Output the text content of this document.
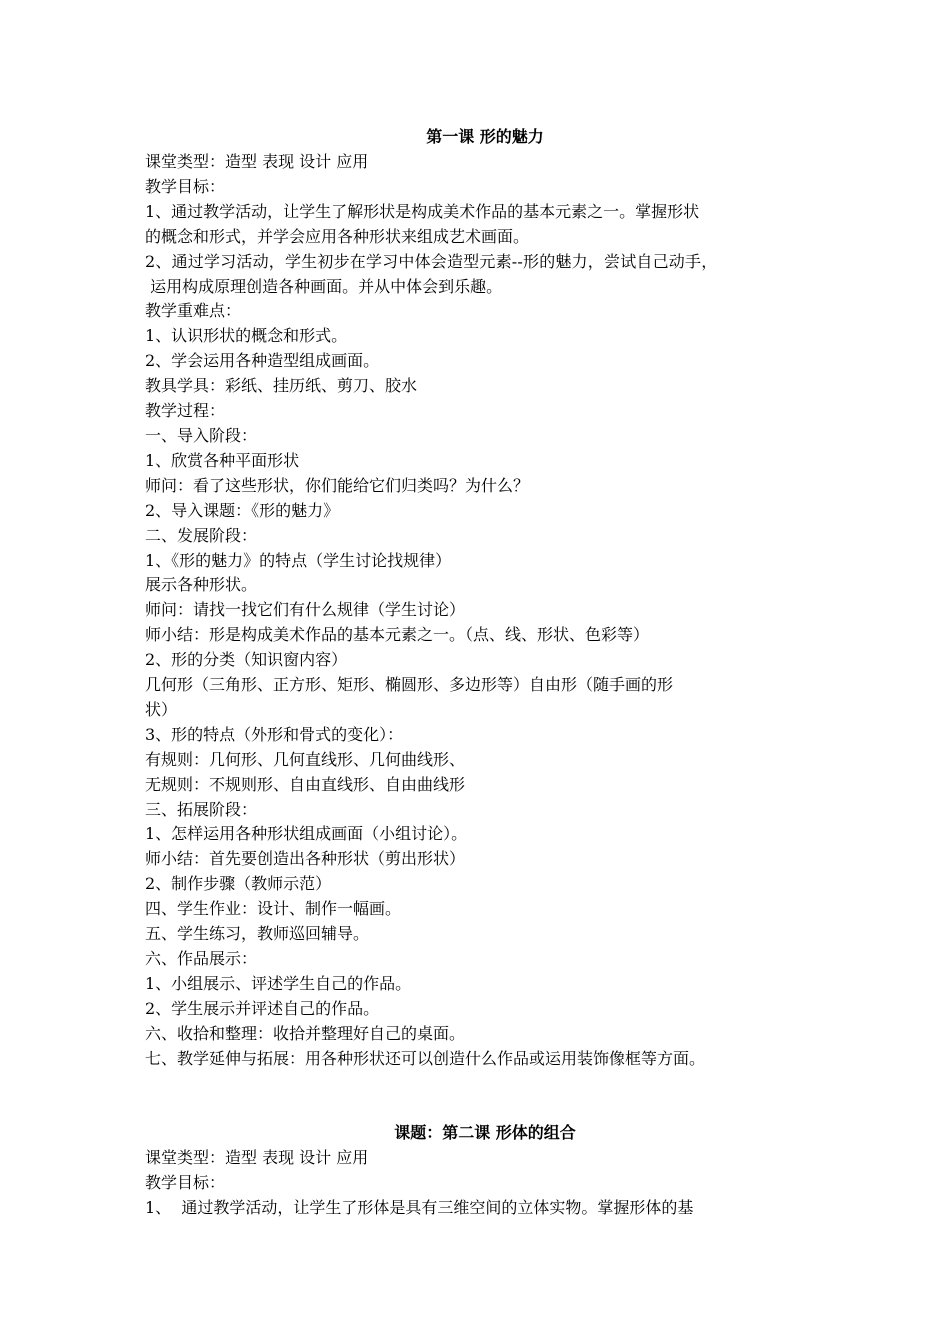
第一课 形的魅力
课堂类型：造型 表现 设计 应用
教学目标：
1、通过教学活动，让学生了解形状是构成美术作品的基本元素之一。掌握形状
的概念和形式，并学会应用各种形状来组成艺术画面。
2、通过学习活动，学生初步在学习中体会造型元素--形的魅力，尝试自己动手，
运用构成原理创造各种画面。并从中体会到乐趣。
教学重难点：
1、认识形状的概念和形式。
2、学会运用各种造型组成画面。
教具学具：彩纸、挂历纸、剪刀、胶水
教学过程：
一、导入阶段：
1、欣赏各种平面形状
师问：看了这些形状，你们能给它们归类吗？为什么？
2、导入课题：《形的魅力》
二、发展阶段：
1、《形的魅力》的特点（学生讨论找规律）
展示各种形状。
师问：请找一找它们有什么规律（学生讨论）
师小结：形是构成美术作品的基本元素之一。（点、线、形状、色彩等）
2、形的分类（知识窗内容）
几何形（三角形、正方形、矩形、椭圆形、多边形等）自由形（随手画的形
状）
3、形的特点（外形和骨式的变化）：
有规则：几何形、几何直线形、几何曲线形、
无规则：不规则形、自由直线形、自由曲线形
三、拓展阶段：
1、怎样运用各种形状组成画面（小组讨论）。
师小结：首先要创造出各种形状（剪出形状）
2、制作步骤（教师示范）
四、学生作业：设计、制作一幅画。
五、学生练习，教师巡回辅导。
六、作品展示：
1、小组展示、评述学生自己的作品。
2、学生展示并评述自己的作品。
六、收拾和整理：收拾并整理好自己的桌面。
七、教学延伸与拓展：用各种形状还可以创造什么作品或运用装饰像框等方面。
课题：第二课 形体的组合
课堂类型：造型 表现 设计 应用
教学目标：
1、  通过教学活动，让学生了形体是具有三维空间的立体实物。掌握形体的基
